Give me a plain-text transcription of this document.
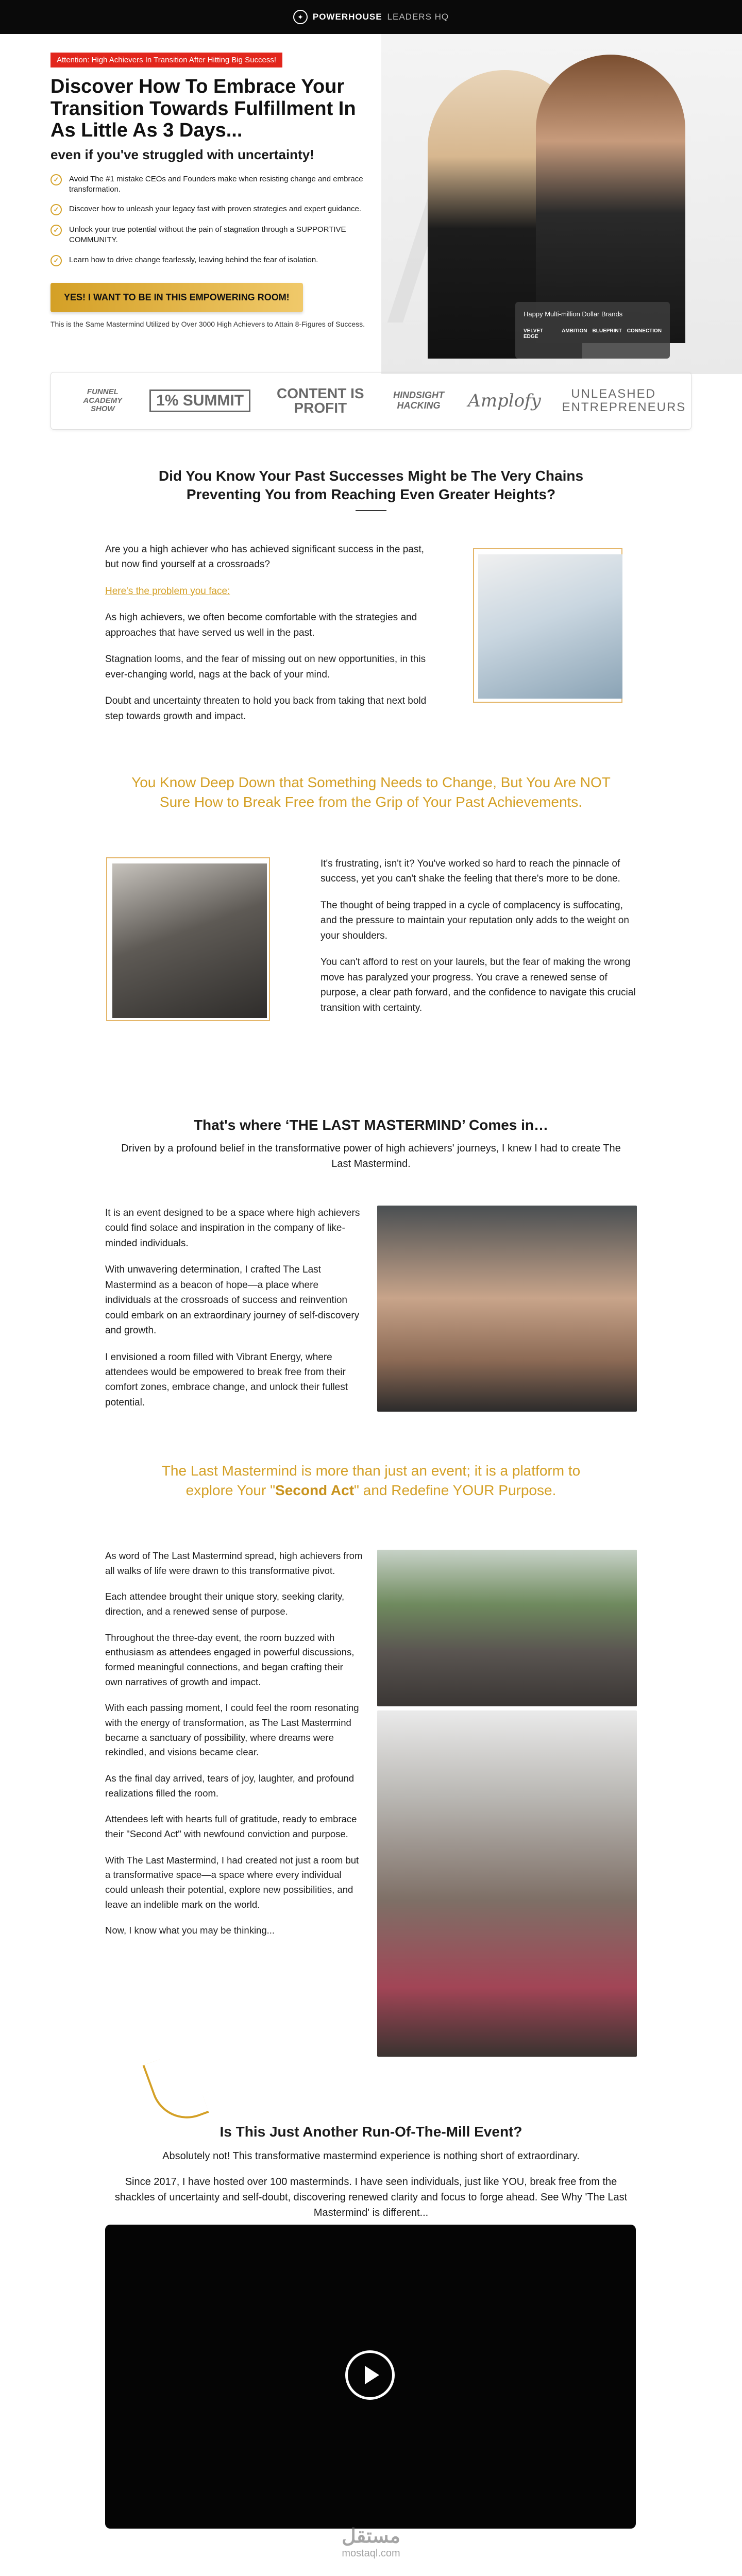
✦	POWERHOUSE LEADERS HQ
Happy Multi-million Dollar Brands
VELVET EDGE
AMBITION BLUEPRINT CONNECTION
Attention: High Achievers In Transition After Hitting Big Success!
Discover How To Embrace Your Transition Towards Fulfillment In As Little As 3 Days...
even if you've struggled with uncertainty!
✓	Avoid The #1 mistake CEOs and Founders make when resisting change and embrace transformation.
✓	Discover how to unleash your legacy fast with proven strategies and expert guidance.
✓	Unlock your true potential without the pain of stagnation through a SUPPORTIVE COMMUNITY.
✓	Learn how to drive change fearlessly, leaving behind the fear of isolation.
YES! I WANT TO BE IN THIS EMPOWERING ROOM!
This is the Same Mastermind Utilized by Over 3000 High Achievers to Attain 8-Figures of Success.
FUNNEL ACADEMY SHOW	1% SUMMIT	CONTENT IS PROFIT
HINDSIGHT HACKING	Amplofy	UNLEASHED ENTREPRENEURS
Did You Know Your Past Successes Might be The Very Chains Preventing You from Reaching Even Greater Heights?

Are you a high achiever who has achieved significant success in the past, but now find yourself at a crossroads?

Here's the problem you face:

As high achievers, we often become comfortable with the strategies and approaches that have served us well in the past.

Stagnation looms, and the fear of missing out on new opportunities, in this ever-changing world, nags at the back of your mind.

Doubt and uncertainty threaten to hold you back from taking that next bold step towards growth and impact.

You Know Deep Down that Something Needs to Change, But You Are NOT Sure How to Break Free from the Grip of Your Past Achievements.

It's frustrating, isn't it? You've worked so hard to reach the pinnacle of success, yet you can't shake the feeling that there's more to be done.

The thought of being trapped in a cycle of complacency is suffocating, and the pressure to maintain your reputation only adds to the weight on your shoulders.

You can't afford to rest on your laurels, but the fear of making the wrong move has paralyzed your progress. You crave a renewed sense of purpose, a clear path forward, and the confidence to navigate this crucial transition with certainty.

That's where ‘THE LAST MASTERMIND’ Comes in…
Driven by a profound belief in the transformative power of high achievers' journeys, I knew I had to create The Last Mastermind.

It is an event designed to be a space where high achievers could find solace and inspiration in the company of like-minded individuals.

With unwavering determination, I crafted The Last Mastermind as a beacon of hope—a place where individuals at the crossroads of success and reinvention could embark on an extraordinary journey of self-discovery and growth.

I envisioned a room filled with Vibrant Energy, where attendees would be empowered to break free from their comfort zones, embrace change, and unlock their fullest potential.

The Last Mastermind is more than just an event; it is a platform to
explore Your "Second Act" and Redefine YOUR Purpose.

As word of The Last Mastermind spread, high achievers from all walks of life were drawn to this transformative pivot.

Each attendee brought their unique story, seeking clarity, direction, and a renewed sense of purpose.

Throughout the three-day event, the room buzzed with enthusiasm as attendees engaged in powerful discussions, formed meaningful connections, and began crafting their own narratives of growth and impact.

With each passing moment, I could feel the room resonating with the energy of transformation, as The Last Mastermind became a sanctuary of possibility, where dreams were rekindled, and visions became clear.

As the final day arrived, tears of joy, laughter, and profound realizations filled the room.

Attendees left with hearts full of gratitude, ready to embrace their "Second Act" with newfound conviction and purpose.

With The Last Mastermind, I had created not just a room but a transformative space—a space where every individual could unleash their potential, explore new possibilities, and leave an indelible mark on the world.

Now, I know what you may be thinking...

Is This Just Another Run-Of-The-Mill Event?
Absolutely not! This transformative mastermind experience is nothing short of extraordinary.
Since 2017, I have hosted over 100 masterminds. I have seen individuals, just like YOU, break free from the shackles of uncertainty and self-doubt, discovering renewed clarity and focus to forge ahead. See Why 'The Last Mastermind' is different...
مستقل
mostaql.com
